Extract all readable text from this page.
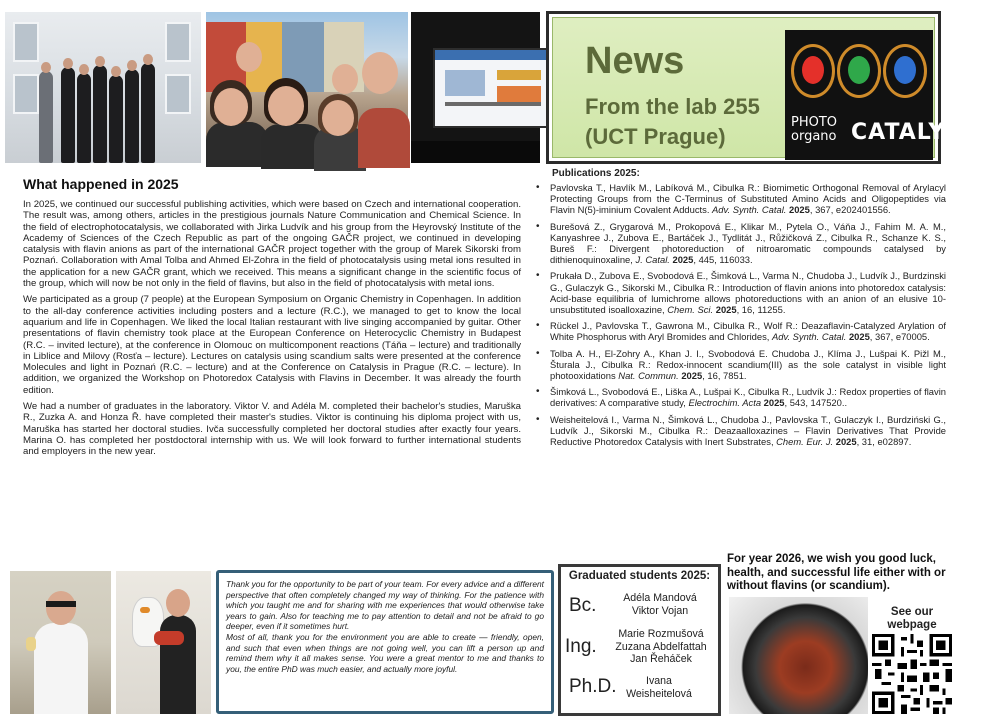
News
From the lab 255
(UCT Prague)
PHOTO
organo CATALYSIS
What happened in 2025

In 2025, we continued our successful publishing activities, which were based on Czech and international cooperation. The result was, among others, articles in the prestigious journals Nature Communication and Chemical Science. In the field of electrophotocatalysis, we collaborated with Jirka Ludvík and his group from the Heyrovský Institute of the Academy of Sciences of the Czech Republic as part of the ongoing GAČR project, we continued in developing catalysis with flavin anions as part of the international GAČR project together with the group of Marek Sikorski from Poznań. Collaboration with Amal Tolba and Ahmed El-Zohra in the field of photocatalysis using metal ions resulted in the application for a new GAČR grant, which we received. This means a significant change in the scientific focus of the group, which will now be not only in the field of flavins, but also in the field of photocatalysis with metal ions.

We participated as a group (7 people) at the European Symposium on Organic Chemistry in Copenhagen. In addition to the all-day conference activities including posters and a lecture (R.C.), we managed to get to know the local aquarium and life in Copenhagen. We liked the local Italian restaurant with live singing accompanied by guitar. Other presentations of flavin chemistry took place at the European Conference on Heterocyclic Chemistry in Budapest (R.C. – invited lecture), at the conference in Olomouc on multicomponent reactions (Táňa – lecture) and traditionally in Liblice and Milovy (Rosťa – lecture). Lectures on catalysis using scandium salts were presented at the conference Molecules and light in Poznań (R.C. – lecture) and at the Conference on Catalysis in Prague (R.C. – lecture). In addition, we organized the Workshop on Photoredox Catalysis with Flavins in December. It was already the fourth edition.

We had a number of graduates in the laboratory. Viktor V. and Adéla M. completed their bachelor's studies, Maruška R., Zuzka A. and Honza Ř. have completed their master's studies. Viktor is continuing his diploma project with us, Maruška has started her doctoral studies. Ivča successfully completed her doctoral studies after exactly four years. Marina O. has completed her postdoctoral internship with us. We will look forward to further international students and employers in the new year.

Publications 2025:
• Pavlovska T., Havlík M., Labíková M., Cibulka R.: Biomimetic Orthogonal Removal of Arylacyl Protecting Groups from the C-Terminus of Substituted Amino Acids and Oligopeptides via Flavin N(5)-iminium Covalent Adducts. Adv. Synth. Catal. 2025, 367, e202401556.
• Burešová Z., Grygarová M., Prokopová E., Klikar M., Pytela O., Váňa J., Fahim M. A. M., Kanyashree J., Zubova E., Bartáček J., Tydlitát J., Růžičková Z., Cibulka R., Schanze K. S., Bureš F.: Divergent photoreduction of nitroaromatic compounds catalysed by dithienoquinoxaline, J. Catal. 2025, 445, 116033.
• Prukała D., Zubova E., Svobodová E., Šimková L., Varma N., Chudoba J., Ludvík J., Burdzinski G., Gulaczyk G., Sikorski M., Cibulka R.: Introduction of flavin anions into photoredox catalysis: Acid-base equilibria of lumichrome allows photoreductions with an anion of an elusive 10-unsubstituted isoalloxazine, Chem. Sci. 2025, 16, 11255.
• Rückel J., Pavlovska T., Gawrona M., Cibulka R., Wolf R.: Deazaflavin-Catalyzed Arylation of White Phosphorus with Aryl Bromides and Chlorides, Adv. Synth. Catal. 2025, 367, e70005.
• Tolba A. H., El-Zohry A., Khan J. I., Svobodová E. Chudoba J., Klíma J., Lušpai K. Pižl M., Šturala J., Cibulka R.: Redox-innocent scandium(III) as the sole catalyst in visible light photooxidations Nat. Commun. 2025, 16, 7851.
• Šimková L., Svobodová E., Liška A., Lušpai K., Cibulka R., Ludvík J.: Redox properties of flavin derivatives: A comparative study, Electrochim. Acta 2025, 543, 147520..
• Weisheitelová I., Varma N., Šimková L., Chudoba J., Pavlovska T., Gulaczyk I., Burdziński G., Ludvík J., Sikorski M., Cibulka R.: Deazaalloxazines – Flavin Derivatives That Provide Reductive Photoredox Catalysis with Inert Substrates, Chem. Eur. J. 2025, 31, e02897.

Thank you for the opportunity to be part of your team. For every advice and a different perspective that often completely changed my way of thinking. For the patience with which you taught me and for sharing with me experiences that would otherwise take years to gain. Also for teaching me to pay attention to detail and not be afraid to go deeper, even if it sometimes hurt.

Most of all, thank you for the environment you are able to create — friendly, open, and such that even when things are not going well, you can lift a person up and remind them why it all makes sense. You were a great mentor to me and thanks to you, the entire PhD was much easier, and actually more joyful.

Graduated students 2025:
Bc.	Adéla Mandová
Viktor Vojan
Ing.
Marie Rozmušová
Zuzana Abdelfattah
Jan Řeháček
Ph.D.	Ivana
Weisheitelová
For year 2026, we wish you good luck, health, and successful life either with or without flavins (or scandium).
See our
webpage
